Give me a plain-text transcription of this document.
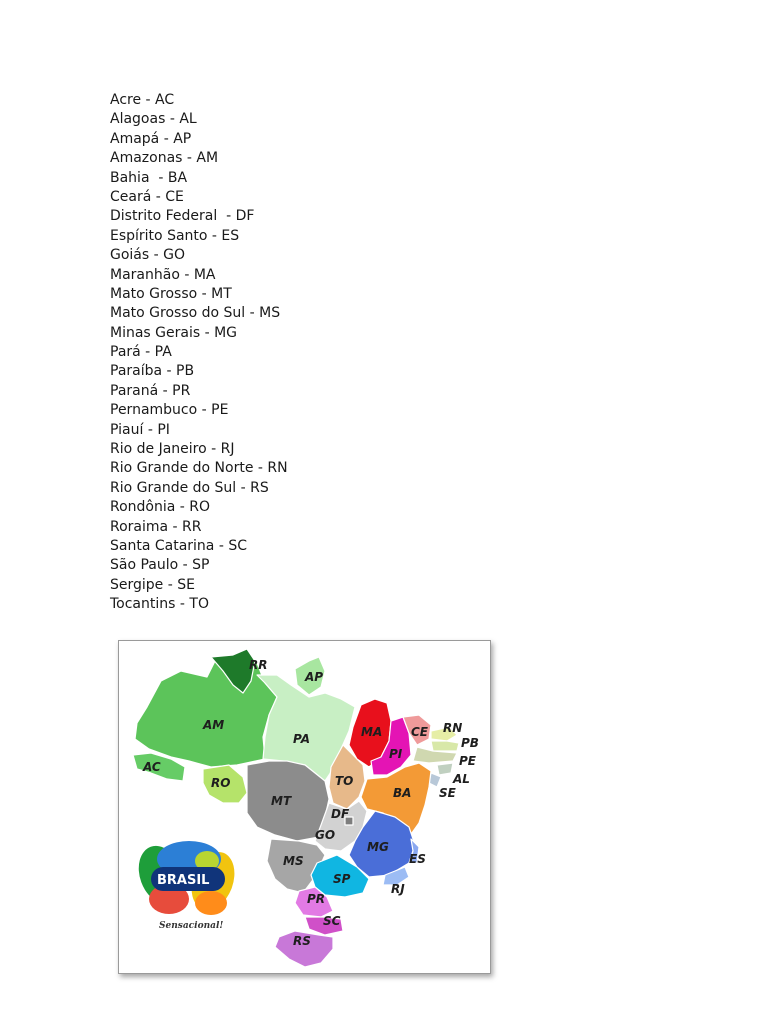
Acre - AC
Alagoas - AL
Amapá - AP
Amazonas - AM
Bahia  - BA
Ceará - CE
Distrito Federal  - DF
Espírito Santo - ES
Goiás - GO
Maranhão - MA
Mato Grosso - MT
Mato Grosso do Sul - MS
Minas Gerais - MG
Pará - PA
Paraíba - PB
Paraná - PR
Pernambuco - PE
Piauí - PI
Rio de Janeiro - RJ
Rio Grande do Norte - RN
Rio Grande do Sul - RS
Rondônia - RO
Roraima - RR
Santa Catarina - SC
São Paulo - SP
Sergipe - SE
Tocantins - TO
RR
AP
AM
PA	MA CE RN
PB
PE
AL
SE
PI
AC
RO
MT
TO
BA
DF
GO
MG
ES
MS
SP
RJ
PR
SC
RS
BRASIL
Sensacional!
